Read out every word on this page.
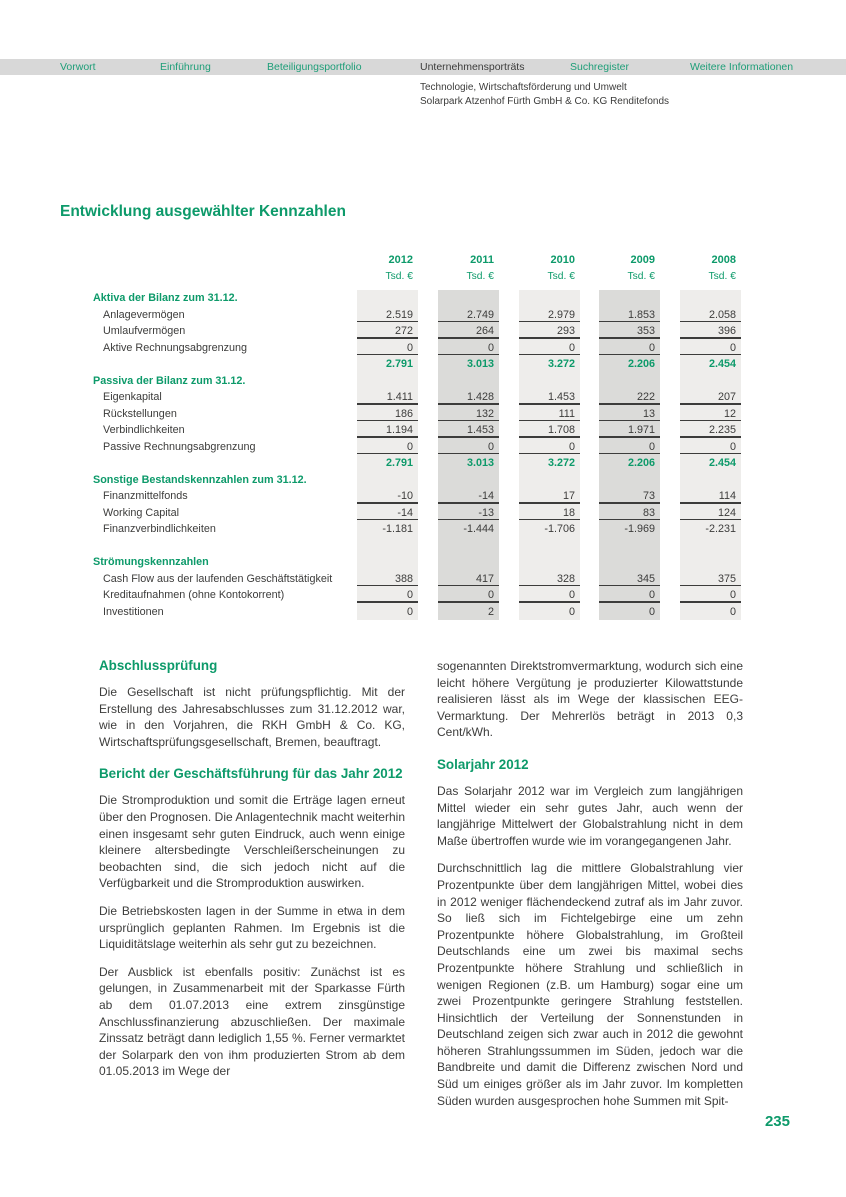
Vorwort	Einführung	Beteiligungsportfolio	Unternehmensporträts	Suchregister	Weitere Informationen
Technologie, Wirtschaftsförderung und Umwelt
Solarpark Atzenhof Fürth GmbH & Co. KG Renditefonds
Entwicklung ausgewählter Kennzahlen
2012	2011	2010	2009	2008
Tsd. €	Tsd. €	Tsd. €	Tsd. €	Tsd. €
Aktiva der Bilanz zum 31.12.
Anlagevermögen	2.519	2.749	2.979	1.853	2.058
Umlaufvermögen	272	264	293	353	396
Aktive Rechnungsabgrenzung	0	0	0	0	0
2.791	3.013	3.272	2.206	2.454
Passiva der Bilanz zum 31.12.
Eigenkapital	1.411	1.428	1.453	222	207
Rückstellungen	186	132	111	13	12
Verbindlichkeiten	1.194	1.453	1.708	1.971	2.235
Passive Rechnungsabgrenzung	0	0	0	0	0
2.791	3.013	3.272	2.206	2.454
Sonstige Bestandskennzahlen zum 31.12.
Finanzmittelfonds	-10	-14	17	73	114
Working Capital	-14	-13	18	83	124
Finanzverbindlichkeiten	-1.181	-1.444	-1.706	-1.969	-2.231
Strömungskennzahlen
Cash Flow aus der laufenden Geschäftstätigkeit	388	417	328	345	375
Kreditaufnahmen (ohne Kontokorrent)	0	0	0	0	0
Investitionen	0	2	0	0	0
Abschlussprüfung

Die Gesellschaft ist nicht prüfungspflichtig. Mit der Erstellung des Jahresabschlusses zum 31.12.2012 war, wie in den Vorjahren, die RKH GmbH & Co. KG, Wirtschaftsprüfungsgesellschaft, Bremen, beauftragt.

Bericht der Geschäftsführung für das Jahr 2012

Die Stromproduktion und somit die Erträge lagen erneut über den Prognosen. Die Anlagentechnik macht weiterhin einen insgesamt sehr guten Eindruck, auch wenn einige kleinere altersbedingte Verschleißerscheinungen zu beobachten sind, die sich jedoch nicht auf die Verfügbarkeit und die Stromproduktion auswirken.

Die Betriebskosten lagen in der Summe in etwa in dem ursprünglich geplanten Rahmen. Im Ergebnis ist die Liquiditätslage weiterhin als sehr gut zu bezeichnen.

Der Ausblick ist ebenfalls positiv: Zunächst ist es gelungen, in Zusammenarbeit mit der Sparkasse Fürth ab dem 01.07.2013 eine extrem zinsgünstige Anschlussfinanzierung abzuschließen. Der maximale Zinssatz beträgt dann lediglich 1,55 %. Ferner vermarktet der Solarpark den von ihm produzierten Strom ab dem 01.05.2013 im Wege der

sogenannten Direktstromvermarktung, wodurch sich eine leicht höhere Vergütung je produzierter Kilowattstunde realisieren lässt als im Wege der klassischen EEG-Vermarktung. Der Mehrerlös beträgt in 2013 0,3 Cent/kWh.

Solarjahr 2012

Das Solarjahr 2012 war im Vergleich zum langjährigen Mittel wieder ein sehr gutes Jahr, auch wenn der langjährige Mittelwert der Globalstrahlung nicht in dem Maße übertroffen wurde wie im vorangegangenen Jahr.

Durchschnittlich lag die mittlere Globalstrahlung vier Prozentpunkte über dem langjährigen Mittel, wobei dies in 2012 weniger flächendeckend zutraf als im Jahr zuvor. So ließ sich im Fichtelgebirge eine um zehn Prozentpunkte höhere Globalstrahlung, im Großteil Deutschlands eine um zwei bis maximal sechs Prozentpunkte höhere Strahlung und schließlich in wenigen Regionen (z.B. um Hamburg) sogar eine um zwei Prozentpunkte geringere Strahlung feststellen. Hinsichtlich der Verteilung der Sonnenstunden in Deutschland zeigen sich zwar auch in 2012 die gewohnt höheren Strahlungssummen im Süden, jedoch war die Bandbreite und damit die Differenz zwischen Nord und Süd um einiges größer als im Jahr zuvor. Im kompletten Süden wurden ausgesprochen hohe Summen mit Spit-

235
